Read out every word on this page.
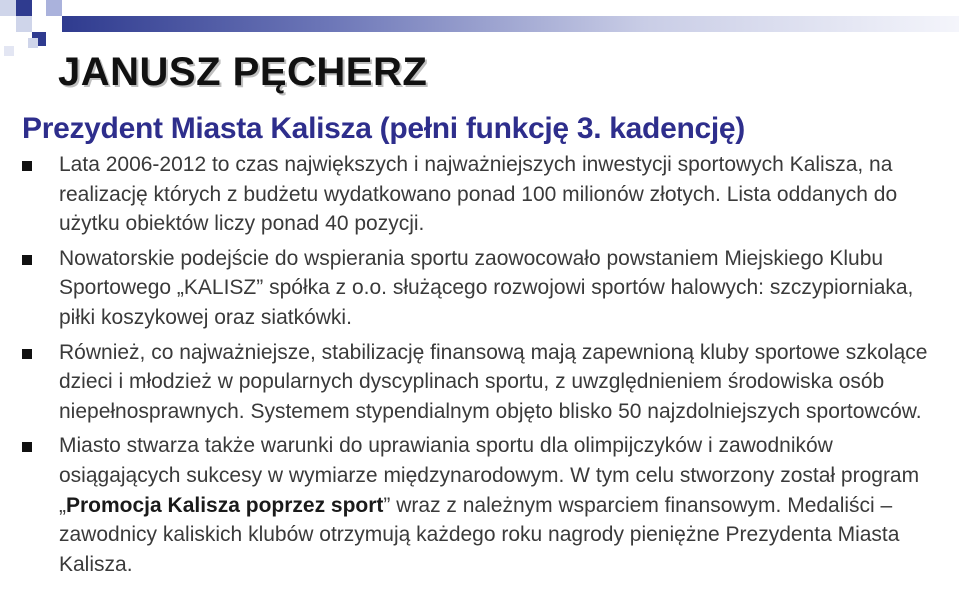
JANUSZ PĘCHERZ
Prezydent Miasta Kalisza (pełni funkcję 3. kadencję)
Lata 2006-2012 to czas największych i najważniejszych inwestycji sportowych Kalisza, na realizację których z budżetu wydatkowano ponad 100 milionów złotych. Lista oddanych do użytku obiektów liczy ponad 40 pozycji.
Nowatorskie podejście do wspierania sportu zaowocowało powstaniem Miejskiego Klubu Sportowego „KALISZ” spółka z o.o. służącego rozwojowi sportów halowych: szczypiorniaka, piłki koszykowej oraz siatkówki.
Również, co najważniejsze, stabilizację finansową mają zapewnioną kluby sportowe szkolące dzieci i młodzież w popularnych dyscyplinach sportu, z uwzględnieniem środowiska osób niepełnosprawnych. Systemem stypendialnym objęto blisko 50 najzdolniejszych sportowców.
Miasto stwarza także warunki do uprawiania sportu dla olimpijczyków i zawodników osiągających sukcesy w wymiarze międzynarodowym. W tym celu stworzony został program „Promocja Kalisza poprzez sport” wraz z należnym wsparciem finansowym. Medaliści – zawodnicy kaliskich klubów otrzymują każdego roku nagrody pieniężne Prezydenta Miasta Kalisza.
